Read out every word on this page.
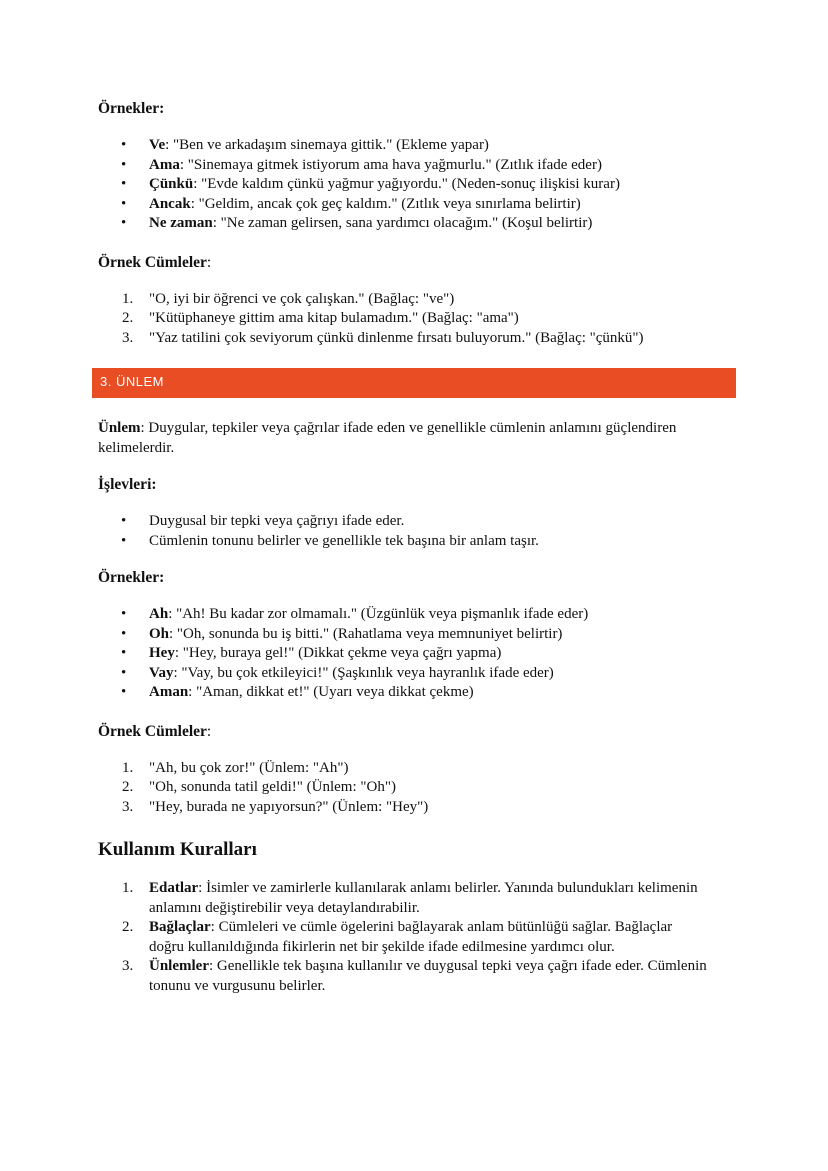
Örnekler:

• Ve: "Ben ve arkadaşım sinemaya gittik." (Ekleme yapar)
• Ama: "Sinemaya gitmek istiyorum ama hava yağmurlu." (Zıtlık ifade eder)
• Çünkü: "Evde kaldım çünkü yağmur yağıyordu." (Neden-sonuç ilişkisi kurar)
• Ancak: "Geldim, ancak çok geç kaldım." (Zıtlık veya sınırlama belirtir)
• Ne zaman: "Ne zaman gelirsen, sana yardımcı olacağım." (Koşul belirtir)

Örnek Cümleler:

1. "O, iyi bir öğrenci ve çok çalışkan." (Bağlaç: "ve")
2. "Kütüphaneye gittim ama kitap bulamadım." (Bağlaç: "ama")
3. "Yaz tatilini çok seviyorum çünkü dinlenme fırsatı buluyorum." (Bağlaç: "çünkü")
3. ÜNLEM

Ünlem: Duygular, tepkiler veya çağrılar ifade eden ve genellikle cümlenin anlamını güçlendiren kelimelerdir.

İşlevleri:

• Duygusal bir tepki veya çağrıyı ifade eder.
• Cümlenin tonunu belirler ve genellikle tek başına bir anlam taşır.

Örnekler:

• Ah: "Ah! Bu kadar zor olmamalı." (Üzgünlük veya pişmanlık ifade eder)
• Oh: "Oh, sonunda bu iş bitti." (Rahatlama veya memnuniyet belirtir)
• Hey: "Hey, buraya gel!" (Dikkat çekme veya çağrı yapma)
• Vay: "Vay, bu çok etkileyici!" (Şaşkınlık veya hayranlık ifade eder)
• Aman: "Aman, dikkat et!" (Uyarı veya dikkat çekme)

Örnek Cümleler:

1. "Ah, bu çok zor!" (Ünlem: "Ah")
2. "Oh, sonunda tatil geldi!" (Ünlem: "Oh")
3. "Hey, burada ne yapıyorsun?" (Ünlem: "Hey")

Kullanım Kuralları

1. Edatlar: İsimler ve zamirlerle kullanılarak anlamı belirler. Yanında bulundukları kelimenin anlamını değiştirebilir veya detaylandırabilir.
2. Bağlaçlar: Cümleleri ve cümle ögelerini bağlayarak anlam bütünlüğü sağlar. Bağlaçlar doğru kullanıldığında fikirlerin net bir şekilde ifade edilmesine yardımcı olur.
3. Ünlemler: Genellikle tek başına kullanılır ve duygusal tepki veya çağrı ifade eder. Cümlenin tonunu ve vurgusunu belirler.
